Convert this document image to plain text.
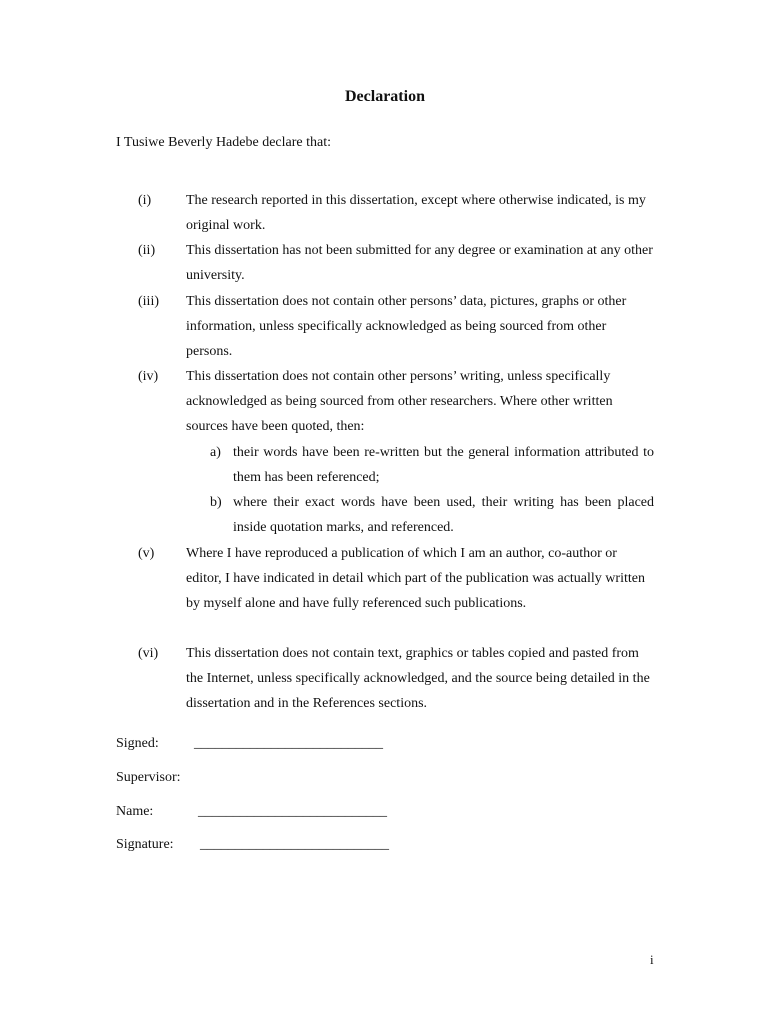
Declaration
I Tusiwe Beverly Hadebe declare that:
(i) The research reported in this dissertation, except where otherwise indicated, is my original work.
(ii) This dissertation has not been submitted for any degree or examination at any other university.
(iii) This dissertation does not contain other persons’ data, pictures, graphs or other information, unless specifically acknowledged as being sourced from other persons.
(iv) This dissertation does not contain other persons’ writing, unless specifically acknowledged as being sourced from other researchers. Where other written sources have been quoted, then:
a) their words have been re-written but the general information attributed to them has been referenced;
b) where their exact words have been used, their writing has been placed inside quotation marks, and referenced.
(v) Where I have reproduced a publication of which I am an author, co-author or editor, I have indicated in detail which part of the publication was actually written by myself alone and have fully referenced such publications.
(vi) This dissertation does not contain text, graphics or tables copied and pasted from the Internet, unless specifically acknowledged, and the source being detailed in the dissertation and in the References sections.
Signed:	___________________________
Supervisor:
Name:	___________________________
Signature: ___________________________
i
